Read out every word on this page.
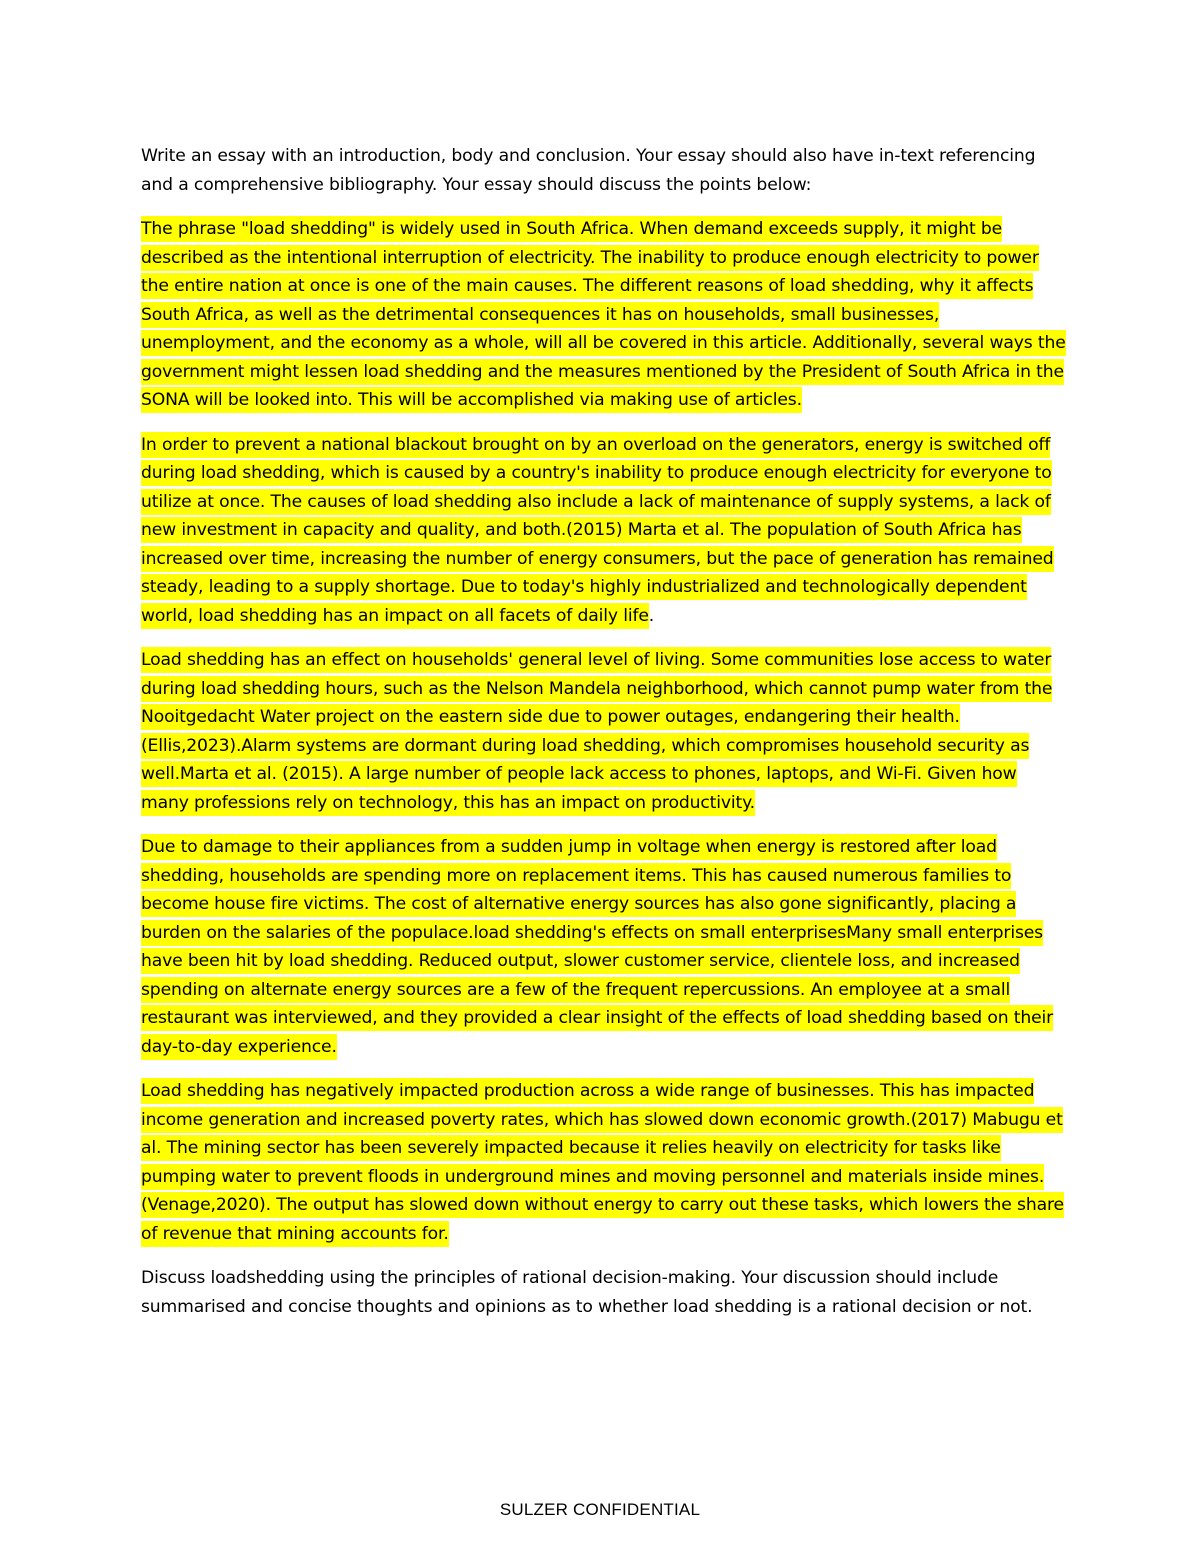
Write an essay with an introduction, body and conclusion. Your essay should also have in-text referencing and a comprehensive bibliography. Your essay should discuss the points below:

The phrase "load shedding" is widely used in South Africa. When demand exceeds supply, it might be described as the intentional interruption of electricity. The inability to produce enough electricity to power the entire nation at once is one of the main causes. The different reasons of load shedding, why it affects South Africa, as well as the detrimental consequences it has on households, small businesses, unemployment, and the economy as a whole, will all be covered in this article. Additionally, several ways the government might lessen load shedding and the measures mentioned by the President of South Africa in the SONA will be looked into. This will be accomplished via making use of articles.

In order to prevent a national blackout brought on by an overload on the generators, energy is switched off during load shedding, which is caused by a country's inability to produce enough electricity for everyone to utilize at once. The causes of load shedding also include a lack of maintenance of supply systems, a lack of new investment in capacity and quality, and both.(2015) Marta et al. The population of South Africa has increased over time, increasing the number of energy consumers, but the pace of generation has remained steady, leading to a supply shortage. Due to today's highly industrialized and technologically dependent world, load shedding has an impact on all facets of daily life.

Load shedding has an effect on households' general level of living. Some communities lose access to water during load shedding hours, such as the Nelson Mandela neighborhood, which cannot pump water from the Nooitgedacht Water project on the eastern side due to power outages, endangering their health.(Ellis,2023).Alarm systems are dormant during load shedding, which compromises household security as well.Marta et al. (2015). A large number of people lack access to phones, laptops, and Wi-Fi. Given how many professions rely on technology, this has an impact on productivity.

Due to damage to their appliances from a sudden jump in voltage when energy is restored after load shedding, households are spending more on replacement items. This has caused numerous families to become house fire victims. The cost of alternative energy sources has also gone significantly, placing a burden on the salaries of the populace.load shedding's effects on small enterprisesMany small enterprises have been hit by load shedding. Reduced output, slower customer service, clientele loss, and increased spending on alternate energy sources are a few of the frequent repercussions. An employee at a small restaurant was interviewed, and they provided a clear insight of the effects of load shedding based on their day-to-day experience.

Load shedding has negatively impacted production across a wide range of businesses. This has impacted income generation and increased poverty rates, which has slowed down economic growth.(2017) Mabugu et al. The mining sector has been severely impacted because it relies heavily on electricity for tasks like pumping water to prevent floods in underground mines and moving personnel and materials inside mines.(Venage,2020). The output has slowed down without energy to carry out these tasks, which lowers the share of revenue that mining accounts for.

Discuss loadshedding using the principles of rational decision-making. Your discussion should include summarised and concise thoughts and opinions as to whether load shedding is a rational decision or not.

SULZER CONFIDENTIAL
